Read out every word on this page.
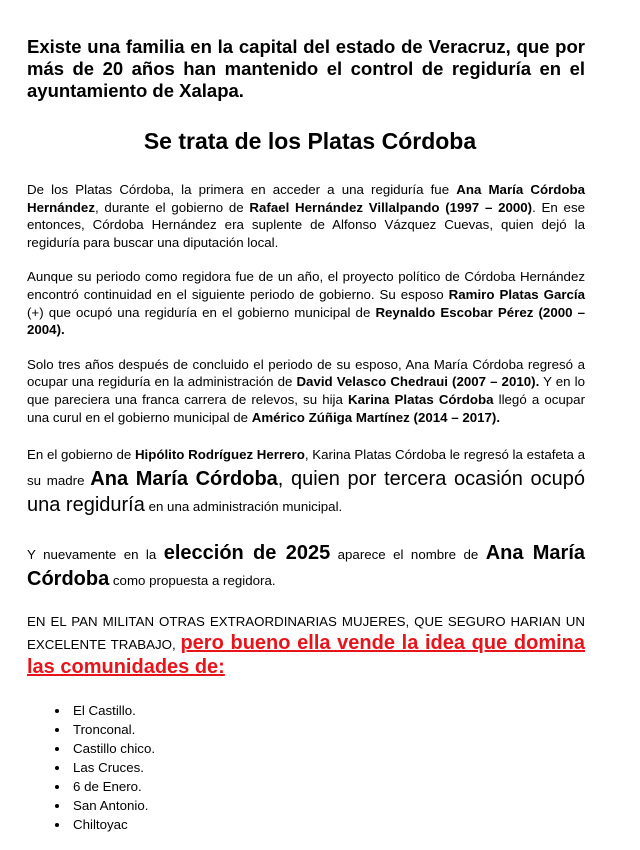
Existe una familia en la capital del estado de Veracruz, que por más de 20 años han mantenido el control de regiduría en el ayuntamiento de Xalapa.

Se trata de los Platas Córdoba

De los Platas Córdoba, la primera en acceder a una regiduría fue Ana María Córdoba Hernández, durante el gobierno de Rafael Hernández Villalpando (1997 – 2000). En ese entonces, Córdoba Hernández era suplente de Alfonso Vázquez Cuevas, quien dejó la regiduría para buscar una diputación local.

Aunque su periodo como regidora fue de un año, el proyecto político de Córdoba Hernández encontró continuidad en el siguiente periodo de gobierno. Su esposo Ramiro Platas García (+) que ocupó una regiduría en el gobierno municipal de Reynaldo Escobar Pérez (2000 – 2004).

Solo tres años después de concluido el periodo de su esposo, Ana María Córdoba regresó a ocupar una regiduría en la administración de David Velasco Chedraui (2007 – 2010). Y en lo que pareciera una franca carrera de relevos, su hija Karina Platas Córdoba llegó a ocupar una curul en el gobierno municipal de Américo Zúñiga Martínez (2014 – 2017).

En el gobierno de Hipólito Rodríguez Herrero, Karina Platas Córdoba le regresó la estafeta a su madre Ana María Córdoba, quien por tercera ocasión ocupó una regiduría en una administración municipal.

Y nuevamente en la elección de 2025 aparece el nombre de Ana María Córdoba como propuesta a regidora.

EN EL PAN MILITAN OTRAS EXTRAORDINARIAS MUJERES, QUE SEGURO HARIAN UN EXCELENTE TRABAJO, pero bueno ella vende la idea que domina las comunidades de:

• El Castillo.
• Tronconal.
• Castillo chico.
• Las Cruces.
• 6 de Enero.
• San Antonio.
• Chiltoyac
